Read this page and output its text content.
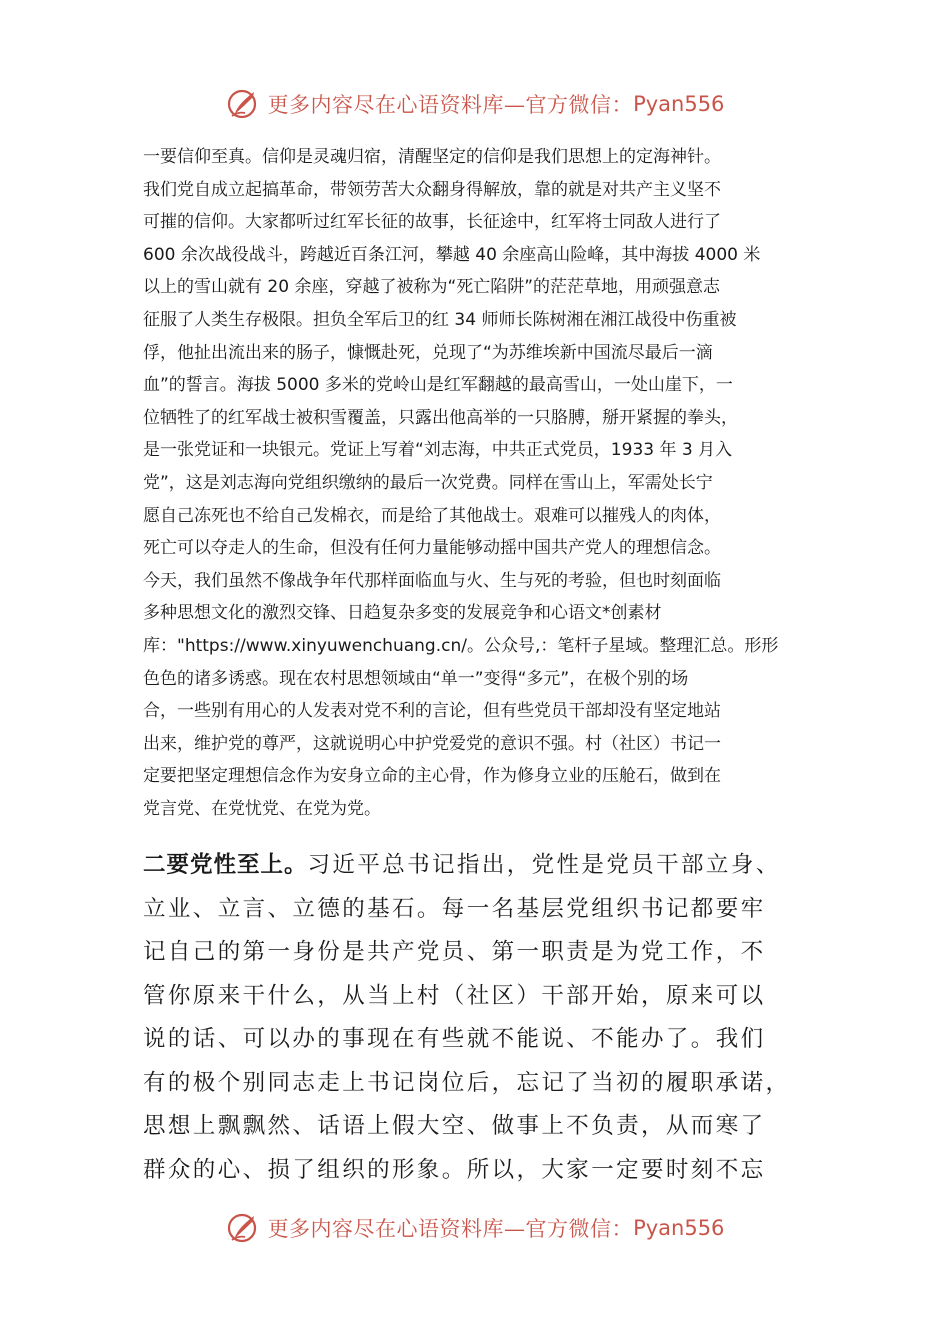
更多内容尽在心语资料库—官方微信： Pyan556
一要信仰至真。信仰是灵魂归宿，清醒坚定的信仰是我们思想上的定海神针。
我们党自成立起搞革命，带领劳苦大众翻身得解放，靠的就是对共产主义坚不
可摧的信仰。大家都听过红军长征的故事，长征途中，红军将士同敌人进行了
600 余次战役战斗，跨越近百条江河，攀越 40 余座高山险峰，其中海拔 4000 米
以上的雪山就有 20 余座，穿越了被称为“死亡陷阱”的茫茫草地，用顽强意志
征服了人类生存极限。担负全军后卫的红 34 师师长陈树湘在湘江战役中伤重被
俘，他扯出流出来的肠子，慷慨赴死，兑现了“为苏维埃新中国流尽最后一滴
血”的誓言。海拔 5000 多米的党岭山是红军翻越的最高雪山，一处山崖下，一
位牺牲了的红军战士被积雪覆盖，只露出他高举的一只胳膊，掰开紧握的拳头，
是一张党证和一块银元。党证上写着“刘志海，中共正式党员，1933 年 3 月入
党”，这是刘志海向党组织缴纳的最后一次党费。同样在雪山上，军需处长宁
愿自己冻死也不给自己发棉衣，而是给了其他战士。艰难可以摧残人的肉体，
死亡可以夺走人的生命，但没有任何力量能够动摇中国共产党人的理想信念。
今天，我们虽然不像战争年代那样面临血与火、生与死的考验，但也时刻面临
多种思想文化的激烈交锋、日趋复杂多变的发展竞争和心语文*创素材
库："https://www.xinyuwenchuang.cn/。公众号,：笔杆子星域。整理汇总。形形
色色的诸多诱惑。现在农村思想领域由“单一”变得“多元”，在极个别的场
合，一些别有用心的人发表对党不利的言论，但有些党员干部却没有坚定地站
出来，维护党的尊严，这就说明心中护党爱党的意识不强。村（社区）书记一
定要把坚定理想信念作为安身立命的主心骨，作为修身立业的压舱石，做到在
党言党、在党忧党、在党为党。
二要党性至上。习近平总书记指出，党性是党员干部立身、
立业、立言、立德的基石。每一名基层党组织书记都要牢
记自己的第一身份是共产党员、第一职责是为党工作，不
管你原来干什么，从当上村（社区）干部开始，原来可以
说的话、可以办的事现在有些就不能说、不能办了。我们
有的极个别同志走上书记岗位后，忘记了当初的履职承诺，
思想上飘飘然、话语上假大空、做事上不负责，从而寒了
群众的心、损了组织的形象。所以，大家一定要时刻不忘
更多内容尽在心语资料库—官方微信： Pyan556
